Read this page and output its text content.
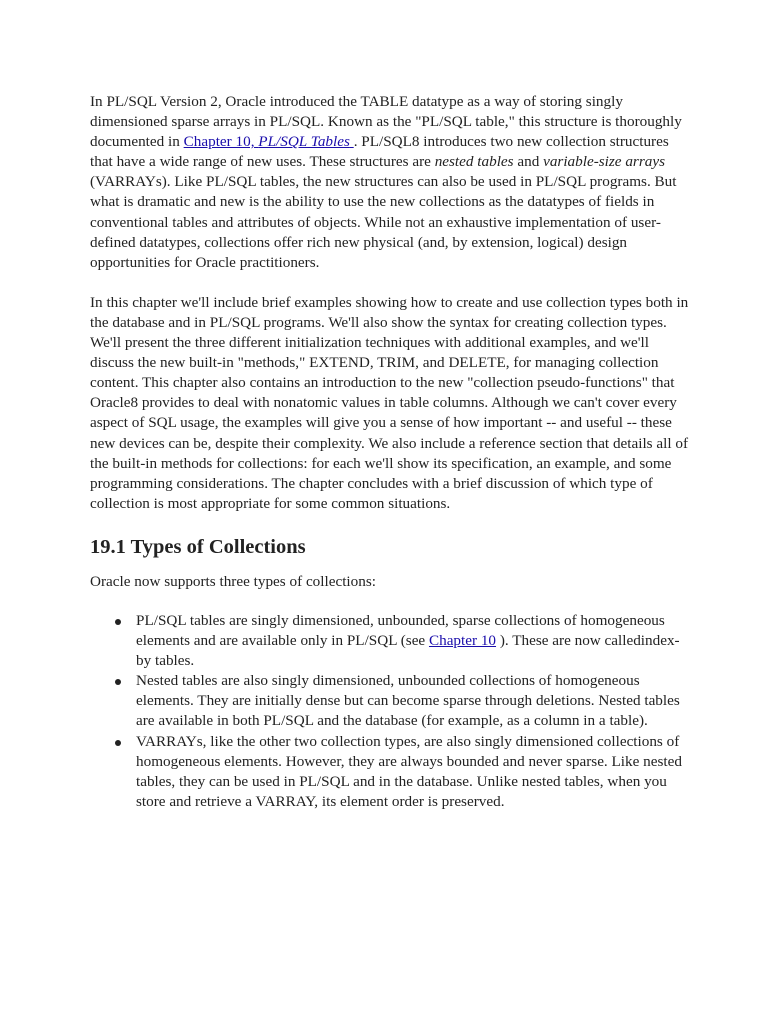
In PL/SQL Version 2, Oracle introduced the TABLE datatype as a way of storing singly dimensioned sparse arrays in PL/SQL. Known as the "PL/SQL table," this structure is thoroughly documented in Chapter 10, PL/SQL Tables . PL/SQL8 introduces two new collection structures that have a wide range of new uses. These structures are nested tables and variable-size arrays (VARRAYs). Like PL/SQL tables, the new structures can also be used in PL/SQL programs. But what is dramatic and new is the ability to use the new collections as the datatypes of fields in conventional tables and attributes of objects. While not an exhaustive implementation of user-defined datatypes, collections offer rich new physical (and, by extension, logical) design opportunities for Oracle practitioners.

In this chapter we'll include brief examples showing how to create and use collection types both in the database and in PL/SQL programs. We'll also show the syntax for creating collection types. We'll present the three different initialization techniques with additional examples, and we'll discuss the new built-in "methods," EXTEND, TRIM, and DELETE, for managing collection content. This chapter also contains an introduction to the new "collection pseudo-functions" that Oracle8 provides to deal with nonatomic values in table columns. Although we can't cover every aspect of SQL usage, the examples will give you a sense of how important -- and useful -- these new devices can be, despite their complexity. We also include a reference section that details all of the built-in methods for collections: for each we'll show its specification, an example, and some programming considerations. The chapter concludes with a brief discussion of which type of collection is most appropriate for some common situations.

19.1 Types of Collections

Oracle now supports three types of collections:

PL/SQL tables are singly dimensioned, unbounded, sparse collections of homogeneous elements and are available only in PL/SQL (see Chapter 10 ). These are now calledindex-by tables.
Nested tables are also singly dimensioned, unbounded collections of homogeneous elements. They are initially dense but can become sparse through deletions. Nested tables are available in both PL/SQL and the database (for example, as a column in a table).
VARRAYs, like the other two collection types, are also singly dimensioned collections of homogeneous elements. However, they are always bounded and never sparse. Like nested tables, they can be used in PL/SQL and in the database. Unlike nested tables, when you store and retrieve a VARRAY, its element order is preserved.
